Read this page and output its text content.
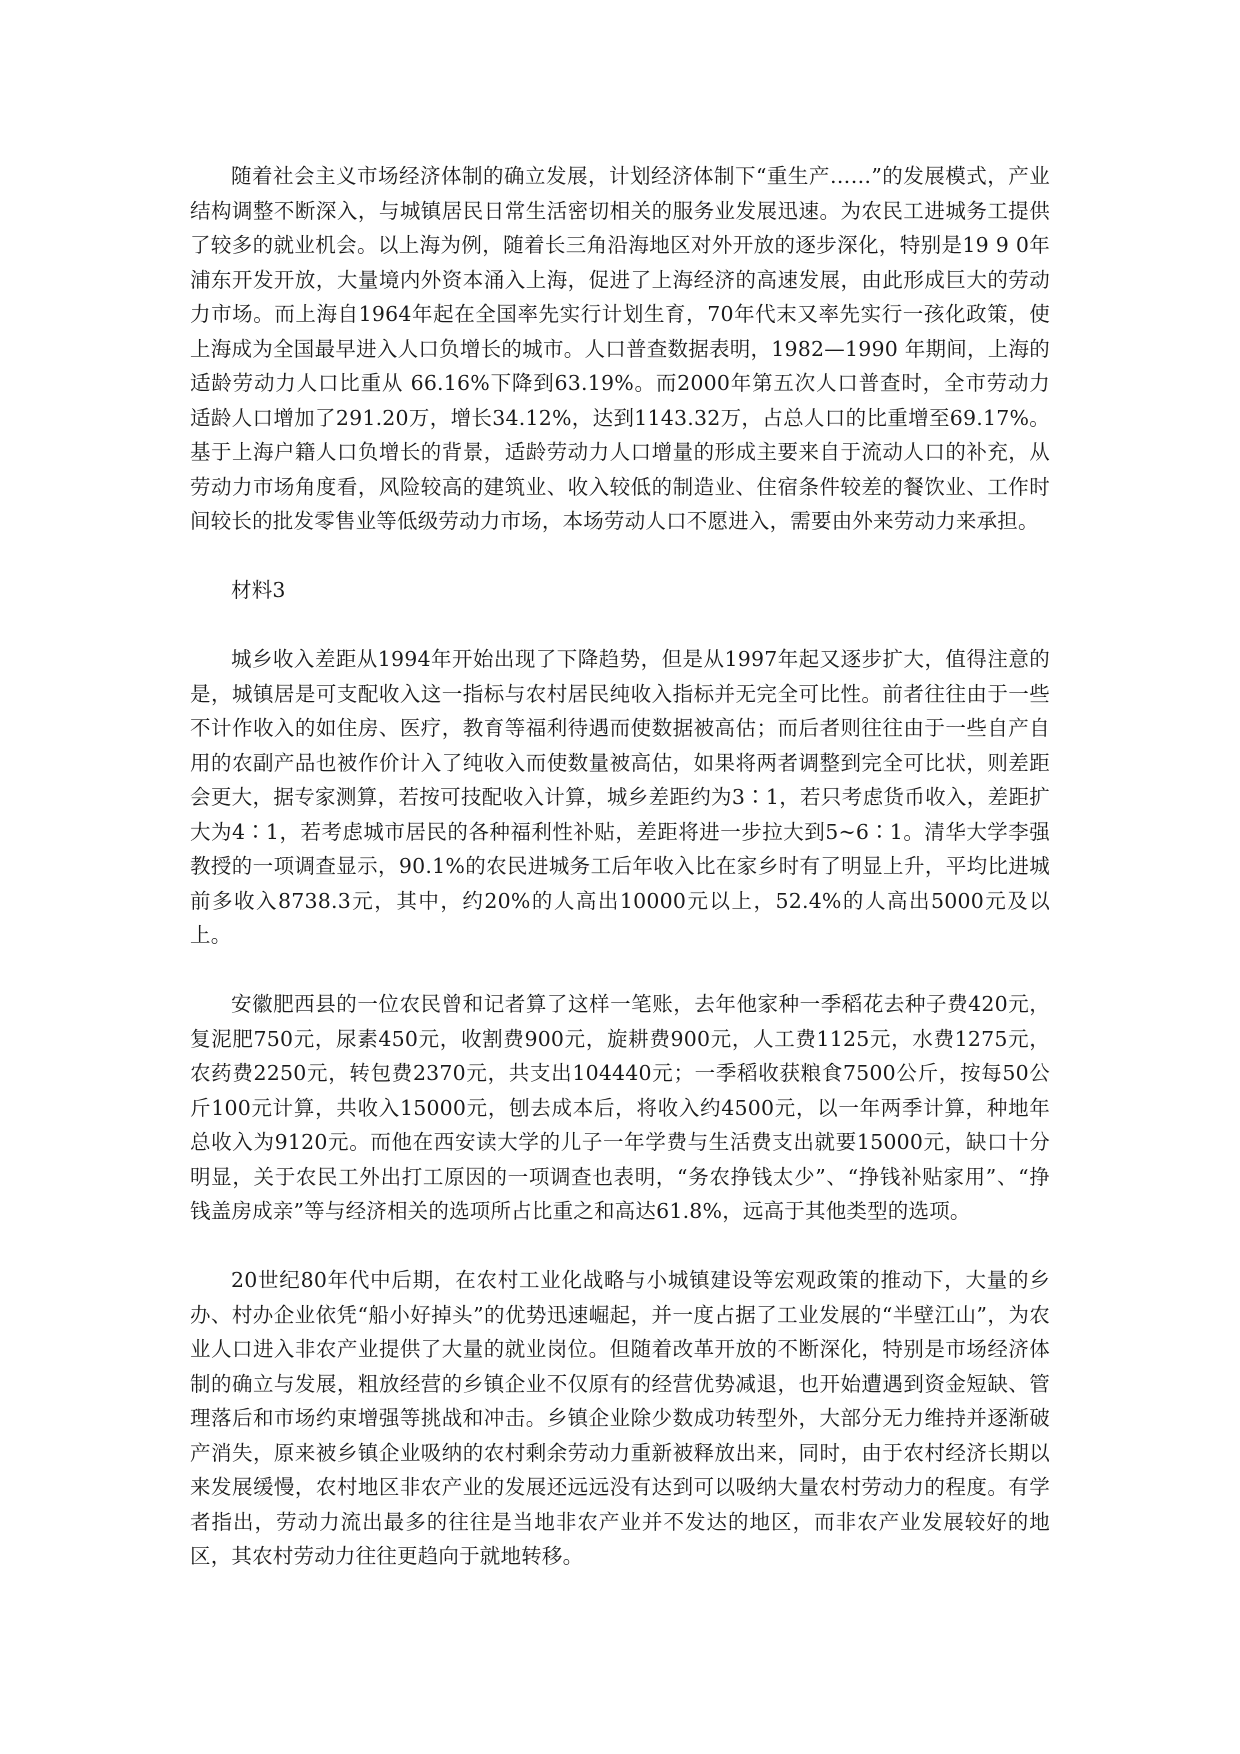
随着社会主义市场经济体制的确立发展，计划经济体制下“重生产……”的发展模式，产业结构调整不断深入，与城镇居民日常生活密切相关的服务业发展迅速。为农民工进城务工提供了较多的就业机会。以上海为例，随着长三角沿海地区对外开放的逐步深化，特别是19 9 0年浦东开发开放，大量境内外资本涌入上海，促进了上海经济的高速发展，由此形成巨大的劳动力市场。而上海自1964年起在全国率先实行计划生育，70年代末又率先实行一孩化政策，使上海成为全国最早进入人口负增长的城市。人口普查数据表明，1982—1990 年期间，上海的适龄劳动力人口比重从 66.16%下降到63.19%。而2000年第五次人口普查时，全市劳动力适龄人口增加了291.20万，增长34.12%，达到1143.32万，占总人口的比重增至69.17%。基于上海户籍人口负增长的背景，适龄劳动力人口增量的形成主要来自于流动人口的补充，从劳动力市场角度看，风险较高的建筑业、收入较低的制造业、住宿条件较差的餐饮业、工作时间较长的批发零售业等低级劳动力市场，本场劳动人口不愿进入，需要由外来劳动力来承担。

材料3

城乡收入差距从1994年开始出现了下降趋势，但是从1997年起又逐步扩大，值得注意的是，城镇居是可支配收入这一指标与农村居民纯收入指标并无完全可比性。前者往往由于一些不计作收入的如住房、医疗，教育等福利待遇而使数据被高估；而后者则往往由于一些自产自用的农副产品也被作价计入了纯收入而使数量被高估，如果将两者调整到完全可比状，则差距会更大，据专家测算，若按可技配收入计算，城乡差距约为3∶1，若只考虑货币收入，差距扩大为4∶1，若考虑城市居民的各种福利性补贴，差距将进一步拉大到5~6∶1。清华大学李强教授的一项调查显示，90.1%的农民进城务工后年收入比在家乡时有了明显上升，平均比进城前多收入8738.3元，其中，约20%的人高出10000元以上，52.4%的人高出5000元及以上。

安徽肥西县的一位农民曾和记者算了这样一笔账，去年他家种一季稻花去种子费420元，复泥肥750元，尿素450元，收割费900元，旋耕费900元，人工费1125元，水费1275元，农药费2250元，转包费2370元，共支出104440元；一季稻收获粮食7500公斤，按每50公斤100元计算，共收入15000元，刨去成本后，将收入约4500元，以一年两季计算，种地年总收入为9120元。而他在西安读大学的儿子一年学费与生活费支出就要15000元，缺口十分明显，关于农民工外出打工原因的一项调查也表明，“务农挣钱太少”、“挣钱补贴家用”、“挣钱盖房成亲”等与经济相关的选项所占比重之和高达61.8%，远高于其他类型的选项。

20世纪80年代中后期，在农村工业化战略与小城镇建设等宏观政策的推动下，大量的乡办、村办企业依凭“船小好掉头”的优势迅速崛起，并一度占据了工业发展的“半壁江山”，为农业人口进入非农产业提供了大量的就业岗位。但随着改革开放的不断深化，特别是市场经济体制的确立与发展，粗放经营的乡镇企业不仅原有的经营优势减退，也开始遭遇到资金短缺、管理落后和市场约束增强等挑战和冲击。乡镇企业除少数成功转型外，大部分无力维持并逐渐破产消失，原来被乡镇企业吸纳的农村剩余劳动力重新被释放出来，同时，由于农村经济长期以来发展缓慢，农村地区非农产业的发展还远远没有达到可以吸纳大量农村劳动力的程度。有学者指出，劳动力流出最多的往往是当地非农产业并不发达的地区，而非农产业发展较好的地区，其农村劳动力往往更趋向于就地转移。
